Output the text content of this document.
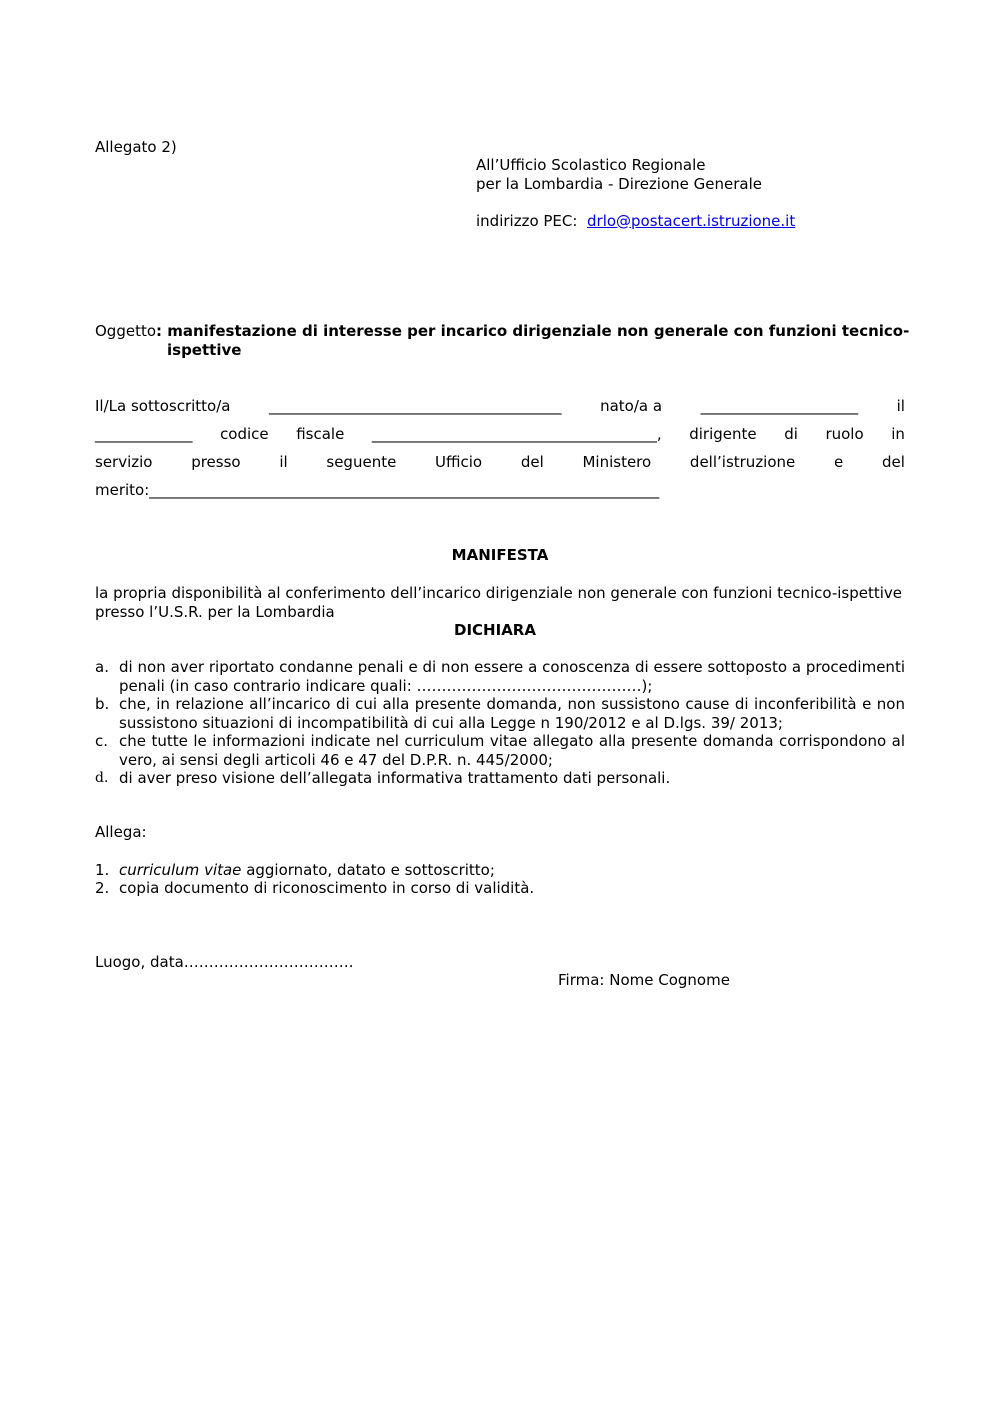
Allegato 2)
All’Ufficio Scolastico Regionale
per la Lombardia - Direzione Generale
indirizzo PEC: drlo@postacert.istruzione.it
Oggetto: manifestazione di interesse per incarico dirigenziale non generale con funzioni tecnico-
ispettive
Il/La sottoscritto/a	_______________________________________	nato/a a	_____________________	il
_____________ codice fiscale ______________________________________, dirigente di ruolo in
servizio	presso	il	seguente	Ufficio	del	Ministero	dell’istruzione	e	del
merito:____________________________________________________________________
MANIFESTA
la propria disponibilità al conferimento dell’incarico dirigenziale non generale con funzioni tecnico-ispettive presso l’U.S.R. per la Lombardia
DICHIARA
a. di non aver riportato condanne penali e di non essere a conoscenza di essere sottoposto a procedimenti penali (in caso contrario indicare quali: ………………………………………);
b. che, in relazione all’incarico di cui alla presente domanda, non sussistono cause di inconferibilità e non sussistono situazioni di incompatibilità di cui alla Legge n 190/2012 e al D.lgs. 39/ 2013;
c. che tutte le informazioni indicate nel curriculum vitae allegato alla presente domanda corrispondono al vero, ai sensi degli articoli 46 e 47 del D.P.R. n. 445/2000;
d. di aver preso visione dell’allegata informativa trattamento dati personali.
Allega:
1. curriculum vitae aggiornato, datato e sottoscritto;
2. copia documento di riconoscimento in corso di validità.
Luogo, data…………………………….
Firma: Nome Cognome
